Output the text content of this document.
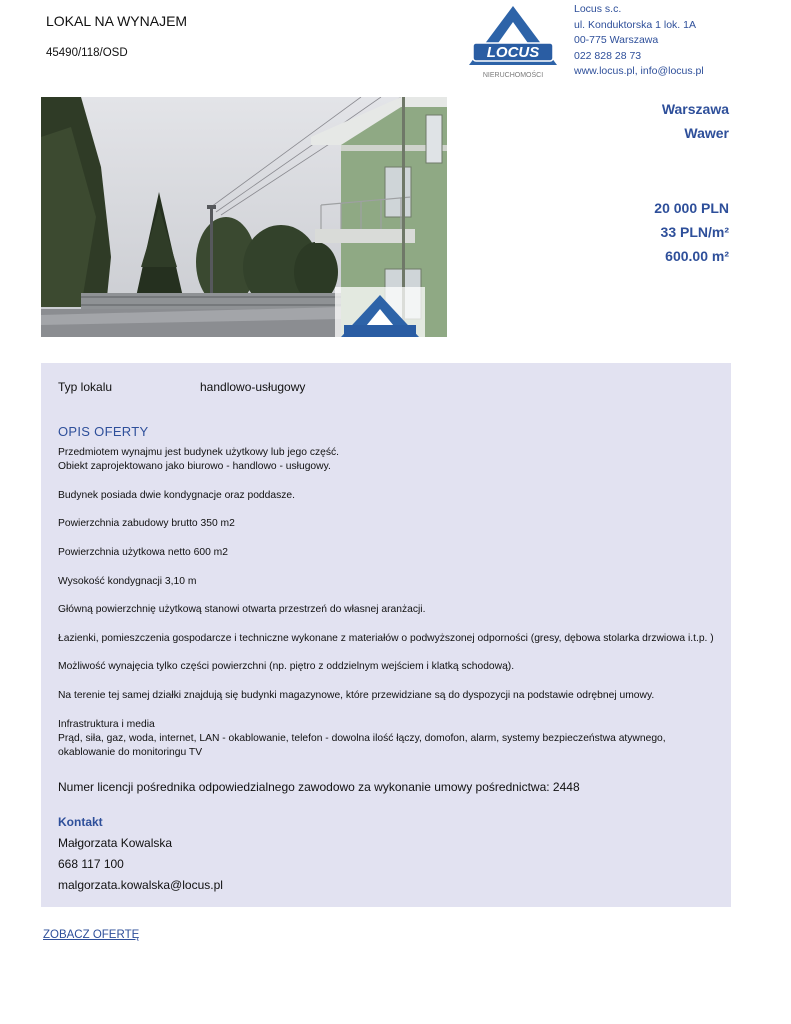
LOKAL NA WYNAJEM
45490/118/OSD	LOCUS
NIERUCHOMOŚCI
Locus s.c.
ul. Konduktorska 1 lok. 1A
00-775 Warszawa
022 828 28 73
www.locus.pl, info@locus.pl
Warszawa
Wawer
20 000 PLN
33 PLN/m²
600.00 m²
Typ lokalu	handlowo-usługowy
OPIS OFERTY

Przedmiotem wynajmu jest budynek użytkowy lub jego część.

Obiekt zaprojektowano jako biurowo - handlowo - usługowy.

Budynek posiada dwie kondygnacje oraz poddasze.

Powierzchnia zabudowy brutto 350 m2

Powierzchnia użytkowa netto 600 m2

Wysokość kondygnacji 3,10 m

Główną powierzchnię użytkową stanowi otwarta przestrzeń do własnej aranżacji.

Łazienki, pomieszczenia gospodarcze i techniczne wykonane z materiałów o podwyższonej odporności (gresy, dębowa stolarka drzwiowa i.t.p. )

Możliwość wynajęcia tylko części powierzchni (np. piętro z oddzielnym wejściem i klatką schodową).

Na terenie tej samej działki znajdują się budynki magazynowe, które przewidziane są do dyspozycji na podstawie odrębnej umowy.

Infrastruktura i media

Prąd, siła, gaz, woda, internet, LAN - okablowanie, telefon - dowolna ilość łączy, domofon, alarm, systemy bezpieczeństwa atywnego, okablowanie do monitoringu TV

Numer licencji pośrednika odpowiedzialnego zawodowo za wykonanie umowy pośrednictwa: 2448
Kontakt
Małgorzata Kowalska
668 117 100
malgorzata.kowalska@locus.pl
ZOBACZ OFERTĘ
